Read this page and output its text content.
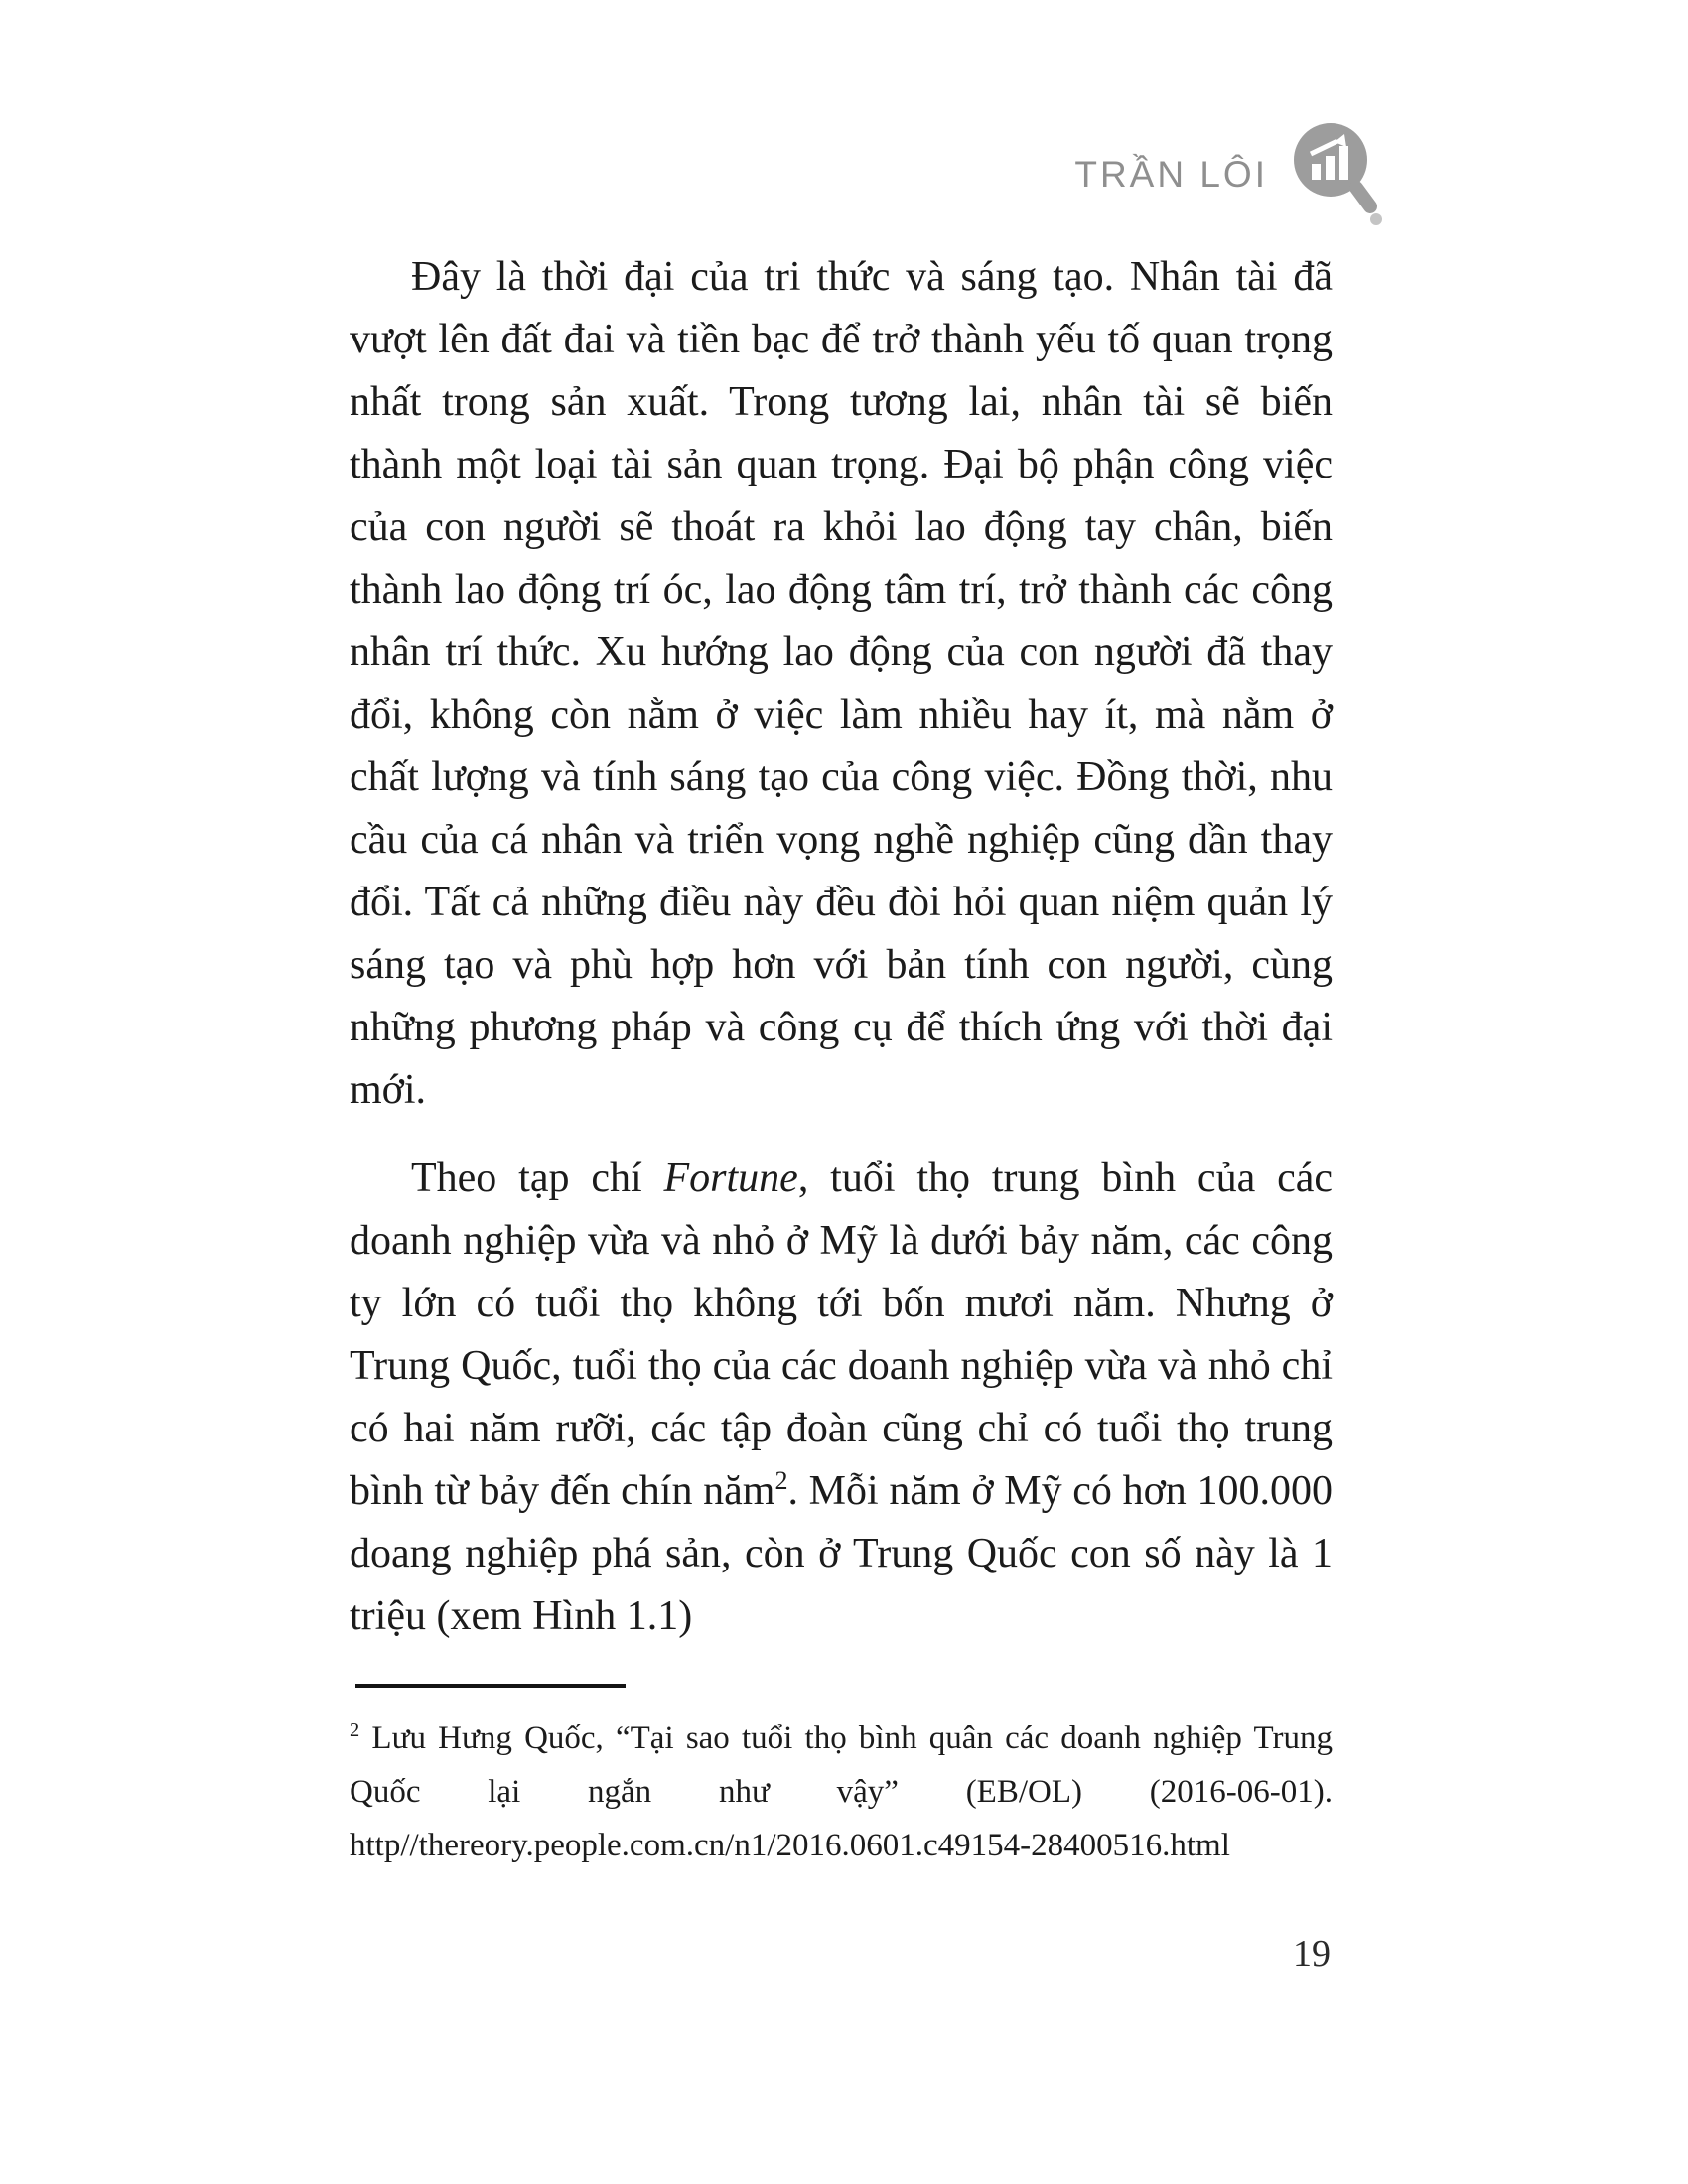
TRẦN LÔI

Đây là thời đại của tri thức và sáng tạo. Nhân tài đã vượt lên đất đai và tiền bạc để trở thành yếu tố quan trọng nhất trong sản xuất. Trong tương lai, nhân tài sẽ biến thành một loại tài sản quan trọng. Đại bộ phận công việc của con người sẽ thoát ra khỏi lao động tay chân, biến thành lao động trí óc, lao động tâm trí, trở thành các công nhân trí thức. Xu hướng lao động của con người đã thay đổi, không còn nằm ở việc làm nhiều hay ít, mà nằm ở chất lượng và tính sáng tạo của công việc. Đồng thời, nhu cầu của cá nhân và triển vọng nghề nghiệp cũng dần thay đổi. Tất cả những điều này đều đòi hỏi quan niệm quản lý sáng tạo và phù hợp hơn với bản tính con người, cùng những phương pháp và công cụ để thích ứng với thời đại mới.

Theo tạp chí Fortune, tuổi thọ trung bình của các doanh nghiệp vừa và nhỏ ở Mỹ là dưới bảy năm, các công ty lớn có tuổi thọ không tới bốn mươi năm. Nhưng ở Trung Quốc, tuổi thọ của các doanh nghiệp vừa và nhỏ chỉ có hai năm rưỡi, các tập đoàn cũng chỉ có tuổi thọ trung bình từ bảy đến chín năm$^2$. Mỗi năm ở Mỹ có hơn 100.000 doang nghiệp phá sản, còn ở Trung Quốc con số này là 1 triệu (xem Hình 1.1)

$^2$ Lưu Hưng Quốc, “Tại sao tuổi thọ bình quân các doanh nghiệp Trung Quốc lại ngắn như vậy” (EB/OL) (2016-06-01). http//thereory.people.com.cn/n1/2016.0601.c49154-28400516.html

19
